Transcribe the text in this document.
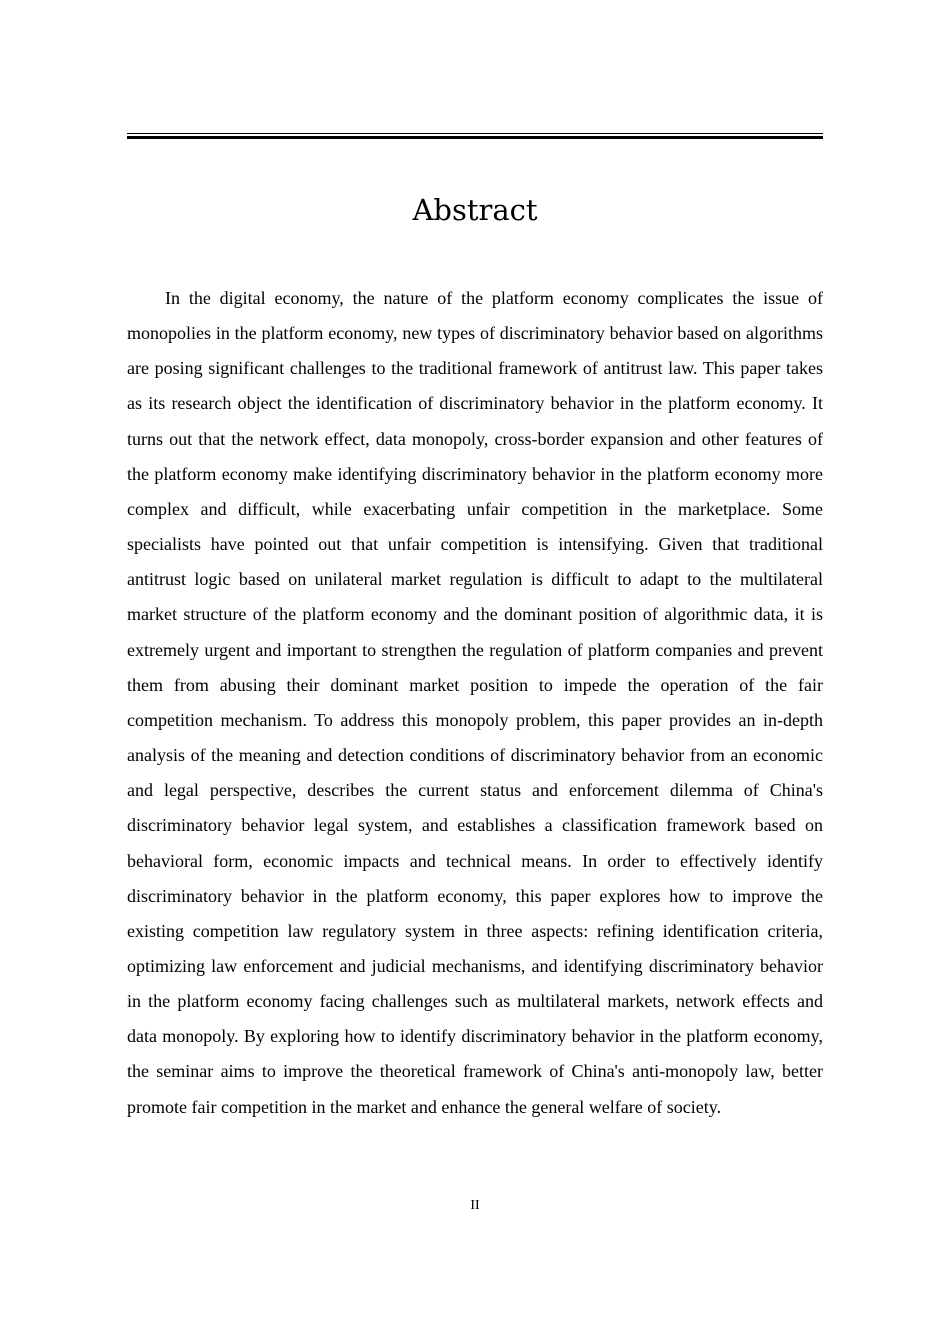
Abstract

In the digital economy, the nature of the platform economy complicates the issue of monopolies in the platform economy, new types of discriminatory behavior based on algorithms are posing significant challenges to the traditional framework of antitrust law. This paper takes as its research object the identification of discriminatory behavior in the platform economy. It turns out that the network effect, data monopoly, cross-border expansion and other features of the platform economy make identifying discriminatory behavior in the platform economy more complex and difficult, while exacerbating unfair competition in the marketplace. Some specialists have pointed out that unfair competition is intensifying. Given that traditional antitrust logic based on unilateral market regulation is difficult to adapt to the multilateral market structure of the platform economy and the dominant position of algorithmic data, it is extremely urgent and important to strengthen the regulation of platform companies and prevent them from abusing their dominant market position to impede the operation of the fair competition mechanism. To address this monopoly problem, this paper provides an in-depth analysis of the meaning and detection conditions of discriminatory behavior from an economic and legal perspective, describes the current status and enforcement dilemma of China's discriminatory behavior legal system, and establishes a classification framework based on behavioral form, economic impacts and technical means. In order to effectively identify discriminatory behavior in the platform economy, this paper explores how to improve the existing competition law regulatory system in three aspects: refining identification criteria, optimizing law enforcement and judicial mechanisms, and identifying discriminatory behavior in the platform economy facing challenges such as multilateral markets, network effects and data monopoly. By exploring how to identify discriminatory behavior in the platform economy, the seminar aims to improve the theoretical framework of China's anti-monopoly law, better promote fair competition in the market and enhance the general welfare of society.

II
